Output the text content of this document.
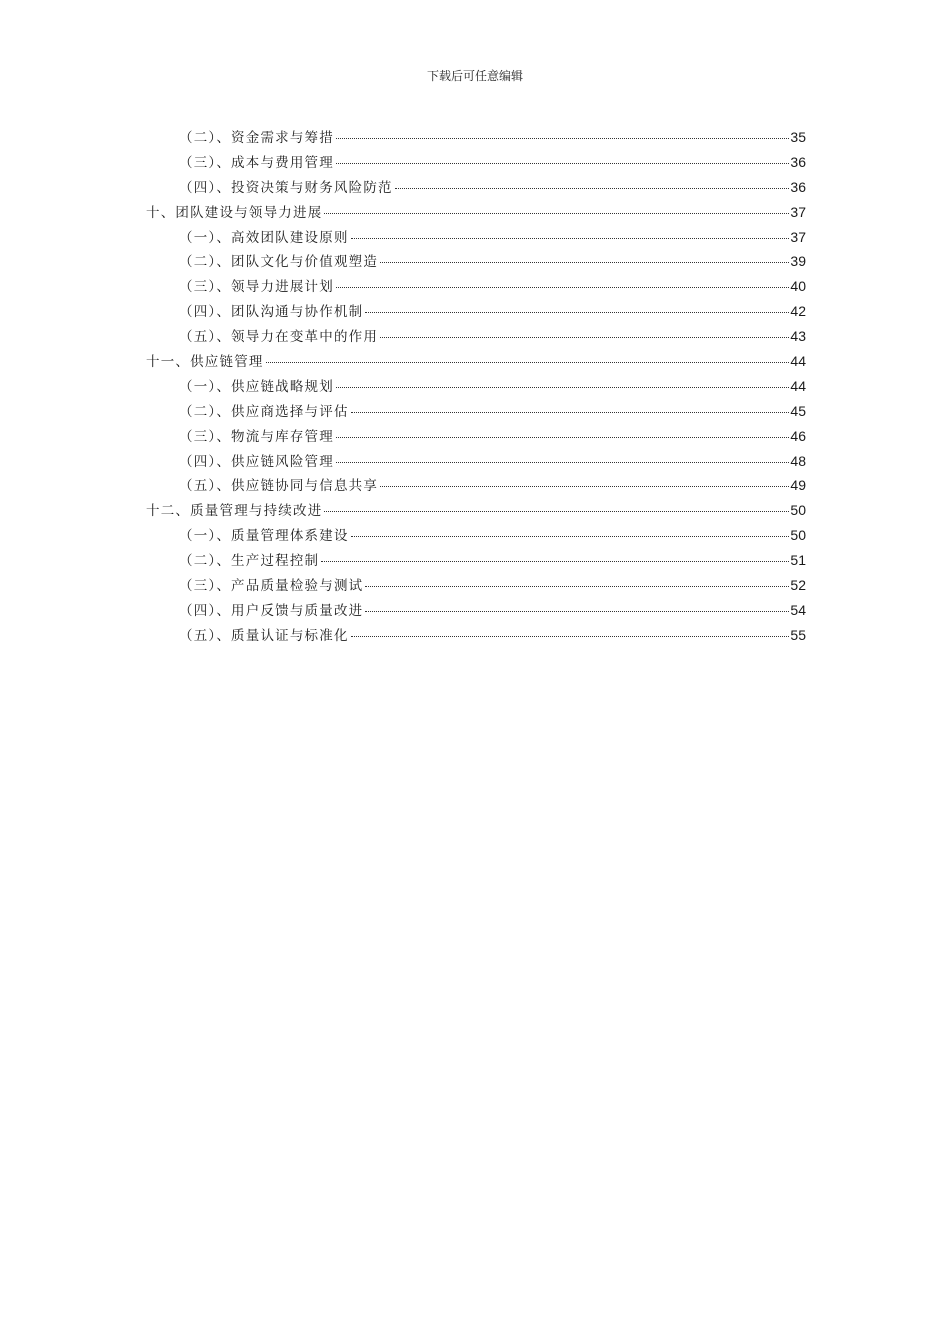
下载后可任意编辑
（二）、资金需求与筹措	35
（三）、成本与费用管理	36
（四）、投资决策与财务风险防范	36
十、团队建设与领导力进展	37
（一）、高效团队建设原则	37
（二）、团队文化与价值观塑造	39
（三）、领导力进展计划	40
（四）、团队沟通与协作机制	42
（五）、领导力在变革中的作用	43
十一、供应链管理	44
（一）、供应链战略规划	44
（二）、供应商选择与评估	45
（三）、物流与库存管理	46
（四）、供应链风险管理	48
（五）、供应链协同与信息共享	49
十二、质量管理与持续改进	50
（一）、质量管理体系建设	50
（二）、生产过程控制	51
（三）、产品质量检验与测试	52
（四）、用户反馈与质量改进	54
（五）、质量认证与标准化	55
